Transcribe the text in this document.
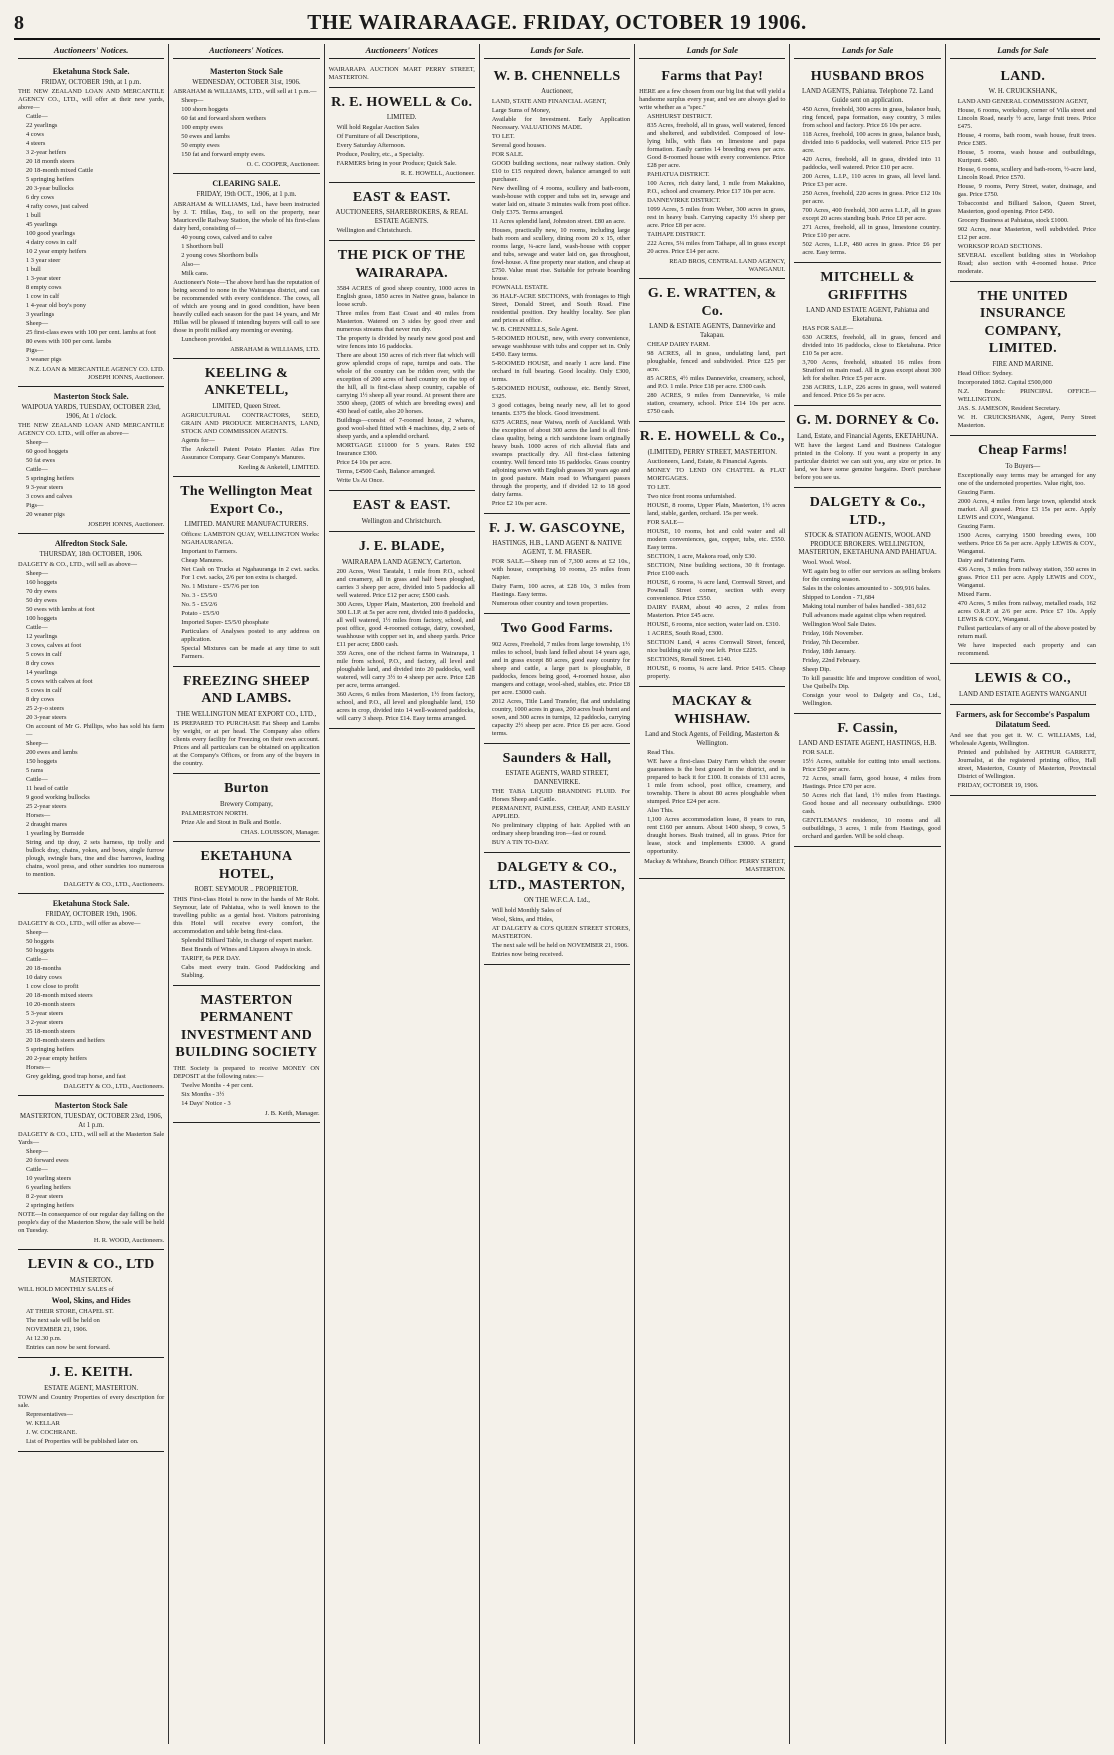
8	THE WAIRARAAGE. FRIDAY, OCTOBER 19 1906.
Auctioneers' Notices.
Eketahuna Stock Sale.
FRIDAY, OCTOBER 19th, at 1 p.m.
THE NEW ZEALAND LOAN AND MERCANTILE AGENCY CO., LTD., will offer at their new yards, above—
Cattle—
22 yearlings
4 cows
4 steers
3 2-year heifers
20 18 month steers
20 18-month mixed Cattle
5 springing heifers
20 3-year bullocks
6 dry cows
4 rafty cows, just calved
1 bull
45 yearlings
100 good yearlings
4 dairy cows in calf
10 2 year empty heifers
1 3 year steer
1 bull
1 3-year steer
8 empty cows
1 cow in calf
1 4-year old boy's pony
3 yearlings
Sheep—
25 first-class ewes with 100 per cent. lambs at foot
80 ewes with 100 per cent. lambs
Pigs—
3 weaner pigs
N.Z. LOAN & MERCANTILE AGENCY CO. LTD. JOSEPH IONNS, Auctioneer.
Masterton Stock Sale.
WAIPOUA YARDS, TUESDAY, OCTOBER 23rd, 1906, At 1 o'clock.
THE NEW ZEALAND LOAN AND MERCANTILE AGENCY CO. LTD., will offer as above—
Sheep—
60 good hoggets
50 fat ewes
Cattle—
5 springing heifers
9 3-year steers
3 cows and calves
Pigs—
20 weaner pigs
JOSEPH IONNS, Auctioneer.
Alfredton Stock Sale.
THURSDAY, 18th OCTOBER, 1906.
DALGETY & CO., LTD., will sell as above—
Sheep—
160 hoggets
70 dry ewes
50 dry ewes
50 ewes with lambs at foot
100 hoggets
Cattle—
12 yearlings
3 cows, calves at foot
5 cows in calf
8 dry cows
14 yearlings
5 cows with calves at foot
5 cows in calf
8 dry cows
25 2-y-o steers
20 3-year steers
On account of Mr G. Phillips, who has sold his farm—
Sheep—
200 ewes and lambs
150 hoggets
5 rams
Cattle—
11 head of cattle
9 good working bullocks
25 2-year steers
Horses—
2 draught mares
1 yearling by Burnside
String and tip dray, 2 sets harness, tip trolly and bullock dray, chains, yokes, and bows, single furrow plough, swingle bars, tine and disc harrows, leading chains, wool press, and other sundries too numerous to mention.
DALGETY & CO., LTD., Auctioneers.
Eketahuna Stock Sale.
FRIDAY, OCTOBER 19th, 1906.
DALGETY & CO., LTD., will offer as above—
Sheep—
50 hoggets
50 hoggets
Cattle—
20 18-months
10 dairy cows
1 cow close to profit
20 18-month mixed steers
10 20-month steers
5 3-year steers
3 2-year steers
35 18-month steers
20 18-month steers and heifers
5 springing heifers
20 2-year empty heifers
Horses—
Grey gelding, good trap horse, and fast
DALGETY & CO., LTD., Auctioneers.
Masterton Stock Sale
MASTERTON, TUESDAY, OCTOBER 23rd, 1906, At 1 p.m.
DALGETY & CO., LTD., will sell at the Masterton Sale Yards—
Sheep—
20 forward ewes
Cattle—
10 yearling steers
6 yearling heifers
8 2-year steers
2 springing heifers
NOTE—In consequence of our regular day falling on the people's day of the Masterton Show, the sale will be held on Tuesday.
H. R. WOOD, Auctioneers.
LEVIN & CO., LTD
MASTERTON.
WILL HOLD MONTHLY SALES of
Wool, Skins, and Hides
AT THEIR STORE, CHAPEL ST.
The next sale will be held on
NOVEMBER 21, 1906.
At 12.30 p.m.
Entries can now be sent forward.
J. E. KEITH.
ESTATE AGENT, MASTERTON.
TOWN and Country Properties of every description for sale.
Representatives—
W. KELLAR
J. W. COCHRANE.
List of Properties will be published later on.
Auctioneers' Notices.
Masterton Stock Sale
WEDNESDAY, OCTOBER 31st, 1906.
ABRAHAM & WILLIAMS, LTD., will sell at 1 p.m.—
Sheep—
100 shorn hoggets
60 fat and forward shorn wethers
100 empty ewes
50 ewes and lambs
50 empty ewes
150 fat and forward empty ewes.
O. C. COOPER, Auctioneer.
CLEARING SALE.
FRIDAY, 19th OCT., 1906, at 1 p.m.
ABRAHAM & WILLIAMS, Ltd., have been instructed by J. T. Hillas, Esq., to sell on the property, near Mauriceville Railway Station, the whole of his first-class dairy herd, consisting of—
40 young cows, calved and to calve
1 Shorthorn bull
2 young cows Shorthorn bulls
Also—
Milk cans.
Auctioneer's Note—The above herd has the reputation of being second to none in the Wairarapa district, and can be recommended with every confidence. The cows, all of which are young and in good condition, have been heavily culled each season for the past 14 years, and Mr Hillas will be pleased if intending buyers will call to see those in profit milked any morning or evening.
Luncheon provided.
ABRAHAM & WILLIAMS, LTD.
KEELING & ANKETELL,
LIMITED, Queen Street.
AGRICULTURAL CONTRACTORS, SEED, GRAIN AND PRODUCE MERCHANTS, LAND, STOCK AND COMMISSION AGENTS.
Agents for—
The Ankctell Patent Potato Planter. Atlas Fire Assurance Company. Gear Company's Manures.
Keeling & Anketell, LIMITED.
The Wellington Meat Export Co.,
LIMITED. MANURE MANUFACTURERS.
Offices: LAMBTON QUAY, WELLINGTON Works: NGAHAURANGA.
Important to Farmers.
Cheap Manures.
Net Cash on Trucks at Ngahauranga in 2 cwt. sacks. For 1 cwt. sacks, 2/6 per ton extra is charged.
No. 1 Mixture - £5/7/6 per ton
No. 3 - £5/5/0
No. 5 - £5/2/6
Potato - £5/5/0
Imported Super- £5/5/0 phosphate
Particulars of Analyses posted to any address on application.
Special Mixtures can be made at any time to suit Farmers.
FREEZING SHEEP AND LAMBS.
THE WELLINGTON MEAT EXPORT CO., LTD.,
IS PREPARED TO PURCHASE Fat Sheep and Lambs by weight, or at per head. The Company also offers clients every facility for Freezing on their own account. Prices and all particulars can be obtained on application at the Company's Offices, or from any of the buyers in the country.
Burton
Brewery Company,
PALMERSTON NORTH.
Prize Ale and Stout in Bulk and Bottle.
CHAS. LOUISSON, Manager.
EKETAHUNA HOTEL,
ROBT. SEYMOUR .. PROPRIETOR.
THIS First-class Hotel is now in the hands of Mr Robt. Seymour, late of Pahiatua, who is well known to the travelling public as a genial host. Visitors patronising this Hotel will receive every comfort, the accommodation and table being first-class.
Splendid Billiard Table, in charge of expert marker.
Best Brands of Wines and Liquors always in stock.
TARIFF, 6s PER DAY.
Cabs meet every train. Good Paddocking and Stabling.
MASTERTON PERMANENT INVESTMENT AND BUILDING SOCIETY
THE Society is prepared to receive MONEY ON DEPOSIT at the following rates:—
Twelve Months - 4 per cent.
Six Months - 3½
14 Days' Notice - 3
J. B. Keith, Manager.
Auctioneers' Notices
WAIRARAPA AUCTION MART PERRY STREET, MASTERTON.
R. E. HOWELL & Co.
LIMITED.
Will hold Regular Auction Sales
Of Furniture of all Descriptions,
Every Saturday Afternoon.
Produce, Poultry, etc., a Specialty.
FARMERS bring in your Produce; Quick Sale.
R. E. HOWELL, Auctioneer.
EAST & EAST.
AUCTIONEERS, SHAREBROKERS, & REAL ESTATE AGENTS.
Wellington and Christchurch.
THE PICK OF THE WAIRARAPA.
3584 ACRES of good sheep country, 1000 acres in English grass, 1850 acres in Native grass, balance in loose scrub.
Three miles from East Coast and 40 miles from Masterton. Watered on 3 sides by good river and numerous streams that never run dry.
The property is divided by nearly new good post and wire fences into 16 paddocks.
There are about 150 acres of rich river flat which will grow splendid crops of rape, turnips and oats. The whole of the country can be ridden over, with the exception of 200 acres of hard country on the top of the hill, all is first-class sheep country, capable of carrying 1½ sheep all year round. At present there are 3500 sheep, (2085 of which are breeding ewes) and 430 head of cattle, also 20 horses.
Buildings—consist of 7-roomed house, 2 whares, good wool-shed fitted with 4 machines, dip, 2 sets of sheep yards, and a splendid orchard.
MORTGAGE £11000 for 5 years. Rates £92 Insurance £300.
Price £4 10s per acre.
Terms, £4500 Cash, Balance arranged.
Write Us At Once.
EAST & EAST.
Wellington and Christchurch.
J. E. BLADE,
WAIRARAPA LAND AGENCY, Carterton.
200 Acres, West Taratahi, 1 mile from P.O., school and creamery, all in grass and half been ploughed, carries 3 sheep per acre, divided into 5 paddocks all well watered. Price £12 per acre; £500 cash.
300 Acres, Upper Plain, Masterton, 200 freehold and 300 L.I.P. at 5s per acre rent, divided into 8 paddocks, all well watered, 1½ miles from factory, school, and post office, good 4-roomed cottage, dairy, cowshed, washhouse with copper set in, and sheep yards. Price £11 per acre; £800 cash.
359 Acres, one of the richest farms in Wairarapa, 1 mile from school, P.O., and factory, all level and ploughable land, and divided into 20 paddocks, well watered, will carry 3½ to 4 sheep per acre. Price £28 per acre, terms arranged.
360 Acres, 6 miles from Masterton, 1½ from factory, school, and P.O., all level and ploughable land, 150 acres in crop, divided into 14 well-watered paddocks, will carry 3 sheep. Price £14. Easy terms arranged.
Lands for Sale.
W. B. CHENNELLS
Auctioneer,
LAND, STATE AND FINANCIAL AGENT,
Large Sums of Money,
Available for Investment. Early Application Necessary. VALUATIONS MADE.
TO LET.
Several good houses.
FOR SALE.
GOOD building sections, near railway station. Only £10 to £15 required down, balance arranged to suit purchaser.
New dwelling of 4 rooms, scullery and bath-room, wash-house with copper and tubs set in, sewage and water laid on, situate 3 minutes walk from post office. Only £375. Terms arranged.
11 Acres splendid land, Johnston street. £80 an acre.
Houses, practically new, 10 rooms, including large bath room and scullery, dining room 20 x 15, other rooms large, ¼-acre land, wash-house with copper and tubs, sewage and water laid on, gas throughout, fowl-house. A fine property near station, and cheap at £750. Value must rise. Suitable for private boarding house.
FOWNALL ESTATE.
36 HALF-ACRE SECTIONS, with frontages to High Street, Donald Street, and South Road. Fine residential position. Dry healthy locality. See plan and prices at office.
W. B. CHENNELLS, Sole Agent.
5-ROOMED HOUSE, new, with every convenience, sewage washhouse with tubs and copper set in. Only £450. Easy terms.
5-ROOMED HOUSE, and nearly 1 acre land. Fine orchard in full bearing. Good locality. Only £300, terms.
5-ROOMED HOUSE, outhouse, etc. Bently Street, £325.
3 good cottages, being nearly new, all let to good tenants. £375 the block. Good investment.
6375 ACRES, near Waiwa, north of Auckland. With the exception of about 300 acres the land is all first-class quality, being a rich sandstone loam originally heavy bush. 1000 acres of rich alluvial flats and swamps practically dry. All first-class fattening country. Well fenced into 16 paddocks. Grass country adjoining sown with English grasses 30 years ago and in good pasture. Main road to Whangarei passes through the property, and if divided 12 to 18 good dairy farms.
Price £2 10s per acre.
F. J. W. GASCOYNE,
HASTINGS, H.B., LAND AGENT & NATIVE AGENT, T. M. FRASER.
FOR SALE.—Sheep run of 7,300 acres at £2 10s., with house, comprising 10 rooms, 25 miles from Napier.
Dairy Farm, 100 acres, at £28 10s, 3 miles from Hastings. Easy terms.
Numerous other country and town properties.
Two Good Farms.
902 Acres, Freehold, 7 miles from large township, 1½ miles to school, bush land felled about 14 years ago, and in grass except 80 acres, good easy country for sheep and cattle, a large part is ploughable, 8 paddocks, fences being good, 4-roomed house, also mangers and cottage, wool-shed, stables, etc. Price £8 per acre. £3000 cash.
2012 Acres, Title Land Transfer, flat and undulating country, 1000 acres in grass, 200 acres bush burnt and sown, and 300 acres in turnips, 12 paddocks, carrying capacity 2½ sheep per acre. Price £6 per acre. Good terms.
Saunders & Hall,
ESTATE AGENTS, WARD STREET, DANNEVIRKE.
THE TABA LIQUID BRANDING FLUID. For Horses Sheep and Cattle.
PERMANENT, PAINLESS, CHEAP, AND EASILY APPLIED.
No preliminary clipping of hair. Applied with an ordinary sheep branding iron—fast or round.
BUY A TIN TO-DAY.
DALGETY & CO., LTD., MASTERTON,
ON THE W.F.C.A. Ltd.,
Will hold Monthly Sales of
Wool, Skins, and Hides,
AT DALGETY & CO'S QUEEN STREET STORES, MASTERTON.
The next sale will be held on NOVEMBER 21, 1906.
Entries now being received.
Lands for Sale
Farms that Pay!
HERE are a few chosen from our big list that will yield a handsome surplus every year, and we are always glad to write whether as a "spec."
ASHHURST DISTRICT.
835 Acres, freehold, all in grass, well watered, fenced and sheltered, and subdivided. Composed of low-lying hills, with flats on limestone and papa formation. Easily carries 14 breeding ewes per acre. Good 8-roomed house with every convenience. Price £28 per acre.
PAHIATUA DISTRICT.
100 Acres, rich dairy land, 1 mile from Makakino, P.O., school and creamery. Price £17 10s per acre.
DANNEVIRKE DISTRICT.
1099 Acres, 5 miles from Weber, 300 acres in grass, rest in heavy bush. Carrying capacity 1½ sheep per acre. Price £8 per acre.
TAIHAPE DISTRICT.
222 Acres, 5¼ miles from Taihape, all in grass except 20 acres. Price £14 per acre.
READ BROS, CENTRAL LAND AGENCY, WANGANUI.
G. E. WRATTEN, & Co.
LAND & ESTATE AGENTS, Dannevirke and Takapau.
CHEAP DAIRY FARM.
98 ACRES, all in grass, undulating land, part ploughable, fenced and subdivided. Price £25 per acre.
85 ACRES, 4½ miles Dannevirke, creamery, school, and P.O. 1 mile. Price £18 per acre. £300 cash.
280 ACRES, 9 miles from Dannevirke, ¼ mile station, creamery, school. Price £14 10s per acre. £750 cash.
R. E. HOWELL & Co.,
(LIMITED), PERRY STREET, MASTERTON.
Auctioneers, Land, Estate, & Financial Agents.
MONEY TO LEND ON CHATTEL & FLAT MORTGAGES.
TO LET.
Two nice front rooms unfurnished.
HOUSE, 8 rooms, Upper Plain, Masterton, 1½ acres land, stable, garden, orchard. 15s per week.
FOR SALE—
HOUSE, 10 rooms, hot and cold water and all modern conveniences, gas, copper, tubs, etc. £550. Easy terms.
SECTION, 1 acre, Makora road, only £30.
SECTION, Nine building sections, 30 ft frontage. Price £100 each.
HOUSE, 6 rooms, ¼ acre land, Cornwall Street, and Pownall Street corner, section with every convenience. Price £550.
DAIRY FARM, about 40 acres, 2 miles from Masterton. Price £45 acre.
HOUSE, 6 rooms, nice section, water laid on. £310.
1 ACRES, South Road, £300.
SECTION Land, 4 acres Cornwall Street, fenced, nice building site only one left. Price £225.
SECTIONS, Renall Street. £140.
HOUSE, 6 rooms, ¼ acre land. Price £415. Cheap property.
MACKAY & WHISHAW.
Land and Stock Agents, of Feilding, Masterton & Wellington.
Read This.
WE have a first-class Dairy Farm which the owner guarantees is the best grazed in the district, and is prepared to back it for £100. It consists of 131 acres, 1 mile from school, post office, creamery, and township. There is about 80 acres ploughable when stumped. Price £24 per acre.
Also This.
1,100 Acres accommodation lease, 8 years to run, rent £160 per annum. About 1400 sheep, 9 cows, 5 draught horses. Bush trained, all in grass. Price for lease, stock and implements £3000. A grand opportunity.
Mackay & Whishaw, Branch Office: PERRY STREET, MASTERTON.
Lands for Sale
HUSBAND BROS
LAND AGENTS, Pahiatua. Telephone 72. Land Guide sent on application.
450 Acres, freehold, 300 acres in grass, balance bush, ring fenced, papa formation, easy country, 3 miles from school and factory. Price £6 10s per acre.
118 Acres, freehold, 100 acres in grass, balance bush, divided into 6 paddocks, well watered. Price £15 per acre.
420 Acres, freehold, all in grass, divided into 11 paddocks, well watered. Price £10 per acre.
200 Acres, L.I.P., 110 acres in grass, all level land. Price £3 per acre.
250 Acres, freehold, 220 acres in grass. Price £12 10s per acre.
700 Acres, 400 freehold, 300 acres L.I.P., all in grass except 20 acres standing bush. Price £8 per acre.
271 Acres, freehold, all in grass, limestone country. Price £10 per acre.
502 Acres, L.I.P., 480 acres in grass. Price £6 per acre. Easy terms.
MITCHELL & GRIFFITHS
LAND AND ESTATE AGENT, Pahiatua and Eketahuna.
HAS FOR SALE—
630 ACRES, freehold, all in grass, fenced and divided into 16 paddocks, close to Eketahuna. Price £10 5s per acre.
3,700 Acres, freehold, situated 16 miles from Stratford on main road. All in grass except about 300 left for shelter. Price £5 per acre.
238 ACRES, L.I.P., 226 acres in grass, well watered and fenced. Price £6 5s per acre.
G. M. DORNEY & Co.
Land, Estate, and Financial Agents, EKETAHUNA.
WE have the largest Land and Business Catalogue printed in the Colony. If you want a property in any particular district we can suit you, any size or price. In land, we have some genuine bargains. Don't purchase before you see us.
DALGETY & Co., LTD.,
STOCK & STATION AGENTS, WOOL AND PRODUCE BROKERS. WELLINGTON, MASTERTON, EKETAHUNA AND PAHIATUA.
Wool. Wool. Wool.
WE again beg to offer our services as selling brokers for the coming season.
Sales in the colonies amounted to - 309,916 bales.
Shipped to London - 71,684
Making total number of bales handled - 381,612
Full advances made against clips when required.
Wellington Wool Sale Dates.
Friday, 16th November.
Friday, 7th December.
Friday, 18th January.
Friday, 22nd February.
Sheep Dip.
To kill parasitic life and improve condition of wool, Use Quibell's Dip.
Consign your wool to Dalgety and Co., Ltd., Wellington.
F. Cassin,
LAND AND ESTATE AGENT, HASTINGS, H.B.
FOR SALE.
15½ Acres, suitable for cutting into small sections. Price £50 per acre.
72 Acres, small farm, good house, 4 miles from Hastings. Price £70 per acre.
50 Acres rich flat land, 1½ miles from Hastings. Good house and all necessary outbuildings. £900 cash.
GENTLEMAN'S residence, 10 rooms and all outbuildings, 3 acres, 1 mile from Hastings, good orchard and garden. Will be sold cheap.
Lands for Sale
LAND.
W. H. CRUICKSHANK,
LAND AND GENERAL COMMISSION AGENT,
House, 6 rooms, workshop, corner of Villa street and Lincoln Road, nearly ½ acre, large fruit trees. Price £475.
House, 4 rooms, bath room, wash house, fruit trees. Price £385.
House, 5 rooms, wash house and outbuildings, Kuripuni. £480.
House, 6 rooms, scullery and bath-room, ½-acre land, Lincoln Road. Price £570.
House, 9 rooms, Perry Street, water, drainage, and gas. Price £750.
Tobacconist and Billiard Saloon, Queen Street, Masterton, good opening. Price £450.
Grocery Business at Pahiatua, stock £1000.
902 Acres, near Masterton, well subdivided. Price £12 per acre.
WORKSOP ROAD SECTIONS.
SEVERAL excellent building sites in Workshop Road; also section with 4-roomed house. Price moderate.
THE UNITED INSURANCE COMPANY, LIMITED.
FIRE AND MARINE.
Head Office: Sydney.
Incorporated 1862. Capital £500,000
N.Z. Branch: PRINCIPAL OFFICE—WELLINGTON.
JAS. S. JAMESON, Resident Secretary.
W. H. CRUICKSHANK, Agent, Perry Street Masterton.
Cheap Farms!
To Buyers—
Exceptionally easy terms may be arranged for any one of the undernoted properties. Value right, too.
Grazing Farm.
2000 Acres, 4 miles from large town, splendid stock market. All grassed. Price £3 15s per acre. Apply LEWIS and COY., Wanganui.
Grazing Farm.
1500 Acres, carrying 1500 breeding ewes, 100 wethers. Price £6 5s per acre. Apply LEWIS & COY., Wanganui.
Dairy and Fattening Farm.
436 Acres, 3 miles from railway station, 350 acres in grass. Price £11 per acre. Apply LEWIS and COY., Wanganui.
Mixed Farm.
470 Acres, 5 miles from railway, metalled roads, 162 acres O.R.P. at 2/6 per acre. Price £7 10s. Apply LEWIS & COY., Wanganui.
Fullest particulars of any or all of the above posted by return mail.
We have inspected each property and can recommend.
LEWIS & CO.,
LAND AND ESTATE AGENTS WANGANUI
Farmers, ask for Seccombe's Paspalum Dilatatum Seed.
And see that you get it. W. C. WILLIAMS, Ltd, Wholesale Agents, Wellington.
Printed and published by ARTHUR GARRETT, Journalist, at the registered printing office, Hall street, Masterton, County of Masterton, Provincial District of Wellington.
FRIDAY, OCTOBER 19, 1906.
